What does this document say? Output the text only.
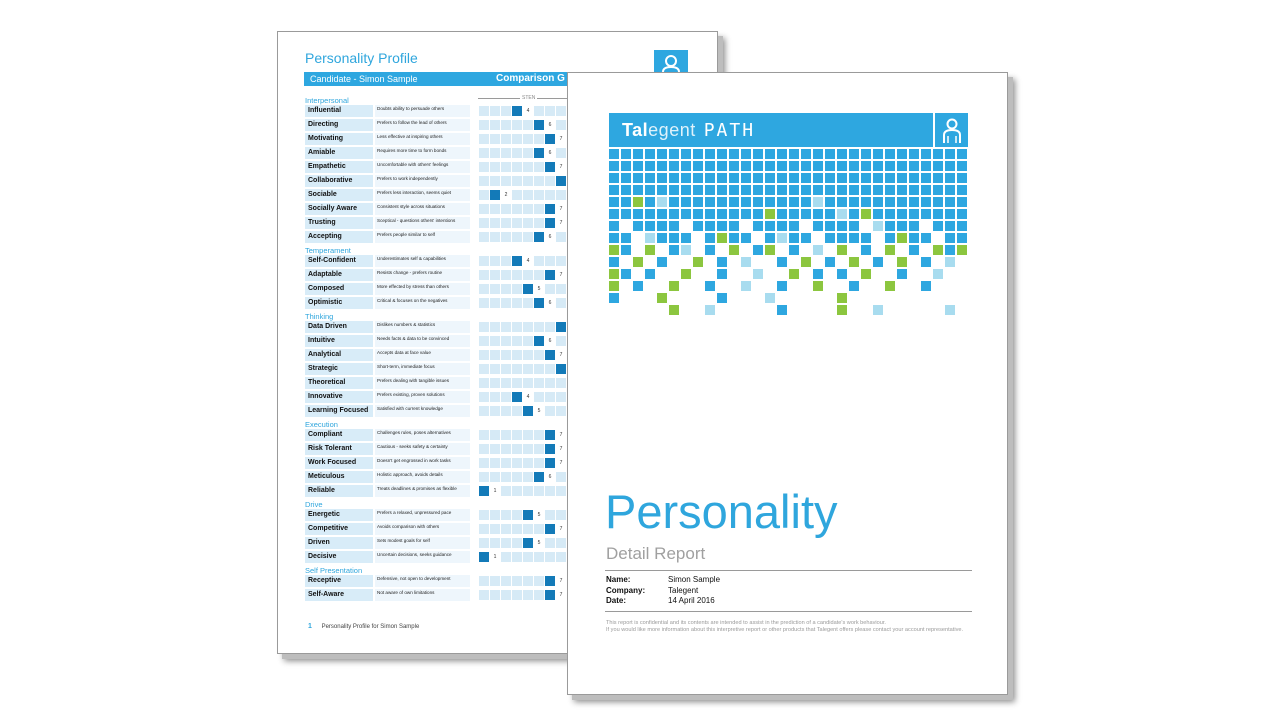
Personality Profile
Candidate - Simon Sample	Comparison G
STEN
Interpersonal
Influential	Doubts ability to persuade others	4
Directing	Prefers to follow the lead of others	6
Motivating	Less effective at inspiring others	7
Amiable	Requires more time to form bonds	6
Empathetic	Uncomfortable with others' feelings	7
Collaborative	Prefers to work independently
Sociable	Prefers less interaction, seems quiet	2
Socially Aware	Consistent style across situations	7
Trusting	Sceptical - questions others' intentions	7
Accepting	Prefers people similar to self	6
Temperament
Self-Confident	Underestimates self & capabilities	4
Adaptable	Resists change - prefers routine	7
Composed	More effected by stress than others	5
Optimistic	Critical & focuses on the negatives	6
Thinking
Data Driven	Dislikes numbers & statistics
Intuitive	Needs facts & data to be convinced	6
Analytical	Accepts data at face value	7
Strategic	Short-term, immediate focus
Theoretical	Prefers dealing with tangible issues
Innovative	Prefers existing, proven solutions	4
Learning Focused	Satisfied with current knowledge	5
Execution
Compliant	Challenges rules, poses alternatives	7
Risk Tolerant	Cautious - seeks safety & certainty	7
Work Focused	Doesn't get engrossed in work tasks	7
Meticulous	Holistic approach, avoids details	6
Reliable	Treats deadlines & promises as flexible	1
Drive
Energetic	Prefers a relaxed, unpressured pace	5
Competitive	Avoids comparison with others	7
Driven	Sets modest goals for self	5
Decisive	Uncertain decisions, seeks guidance	1
Self Presentation
Receptive	Defensive, not open to development	7
Self-Aware	Not aware of own limitations	7
1 Personality Profile for Simon Sample
Talegent PATH
Personality
Detail Report
Name:	Simon Sample
Company:	Talegent
Date:	14 April 2016
This report is confidential and its contents are intended to assist in the prediction of a candidate's work behaviour.
If you would like more information about this interpretive report or other products that Talegent offers please contact your account representative.
